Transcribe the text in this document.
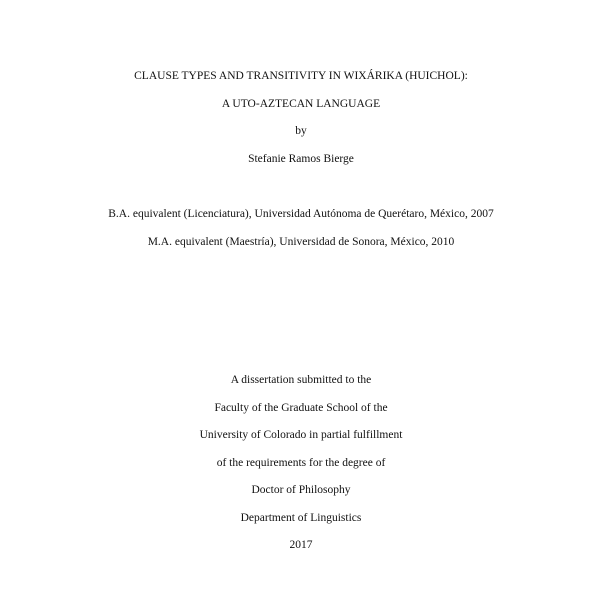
CLAUSE TYPES AND TRANSITIVITY IN WIXÁRIKA (HUICHOL):
A UTO-AZTECAN LANGUAGE
by
Stefanie Ramos Bierge
B.A. equivalent (Licenciatura), Universidad Autónoma de Querétaro, México, 2007
M.A. equivalent (Maestría), Universidad de Sonora, México, 2010
A dissertation submitted to the
Faculty of the Graduate School of the
University of Colorado in partial fulfillment
of the requirements for the degree of
Doctor of Philosophy
Department of Linguistics
2017
